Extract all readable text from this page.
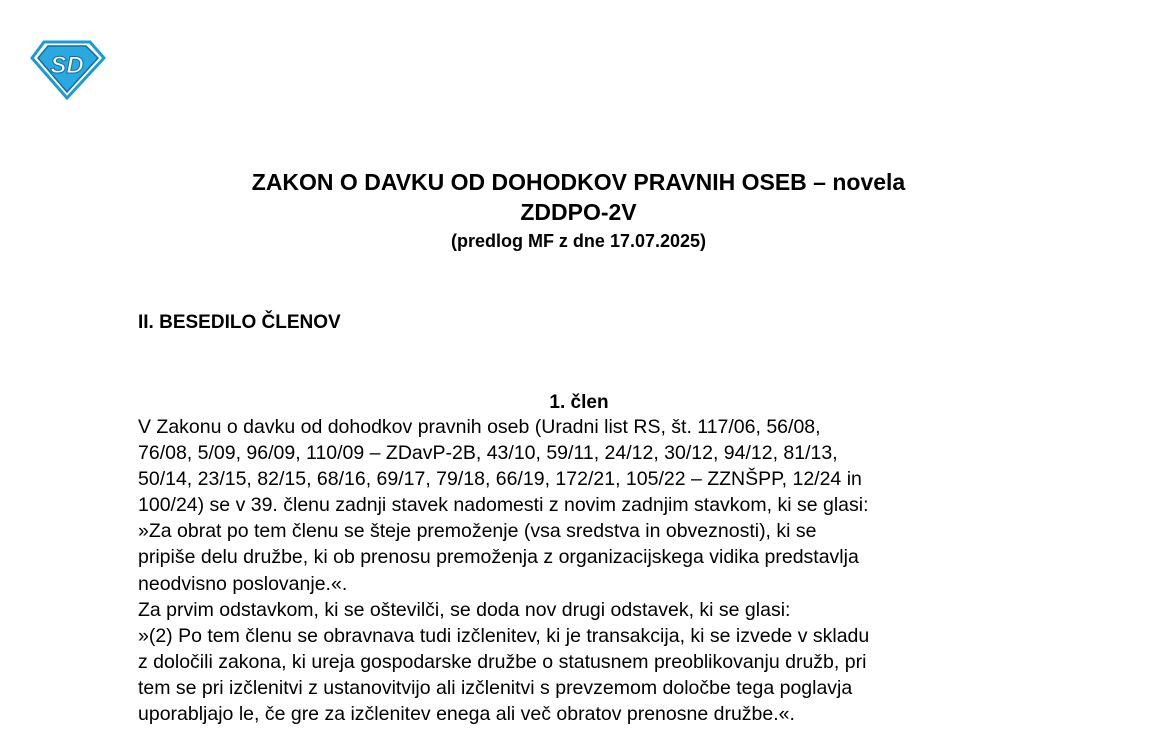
SD
ZAKON O DAVKU OD DOHODKOV PRAVNIH OSEB – novela
ZDDPO-2V
(predlog MF z dne 17.07.2025)
II. BESEDILO ČLENOV
1. člen

V Zakonu o davku od dohodkov pravnih oseb (Uradni list RS, št. 117/06, 56/08,
76/08, 5/09, 96/09, 110/09 – ZDavP-2B, 43/10, 59/11, 24/12, 30/12, 94/12, 81/13,
50/14, 23/15, 82/15, 68/16, 69/17, 79/18, 66/19, 172/21, 105/22 – ZZNŠPP, 12/24 in
100/24) se v 39. členu zadnji stavek nadomesti z novim zadnjim stavkom, ki se glasi:

»Za obrat po tem členu se šteje premoženje (vsa sredstva in obveznosti), ki se
pripiše delu družbe, ki ob prenosu premoženja z organizacijskega vidika predstavlja
neodvisno poslovanje.«.

Za prvim odstavkom, ki se oštevilči, se doda nov drugi odstavek, ki se glasi:

»(2) Po tem členu se obravnava tudi izčlenitev, ki je transakcija, ki se izvede v skladu
z določili zakona, ki ureja gospodarske družbe o statusnem preoblikovanju družb, pri
tem se pri izčlenitvi z ustanovitvijo ali izčlenitvi s prevzemom določbe tega poglavja
uporabljajo le, če gre za izčlenitev enega ali več obratov prenosne družbe.«.
